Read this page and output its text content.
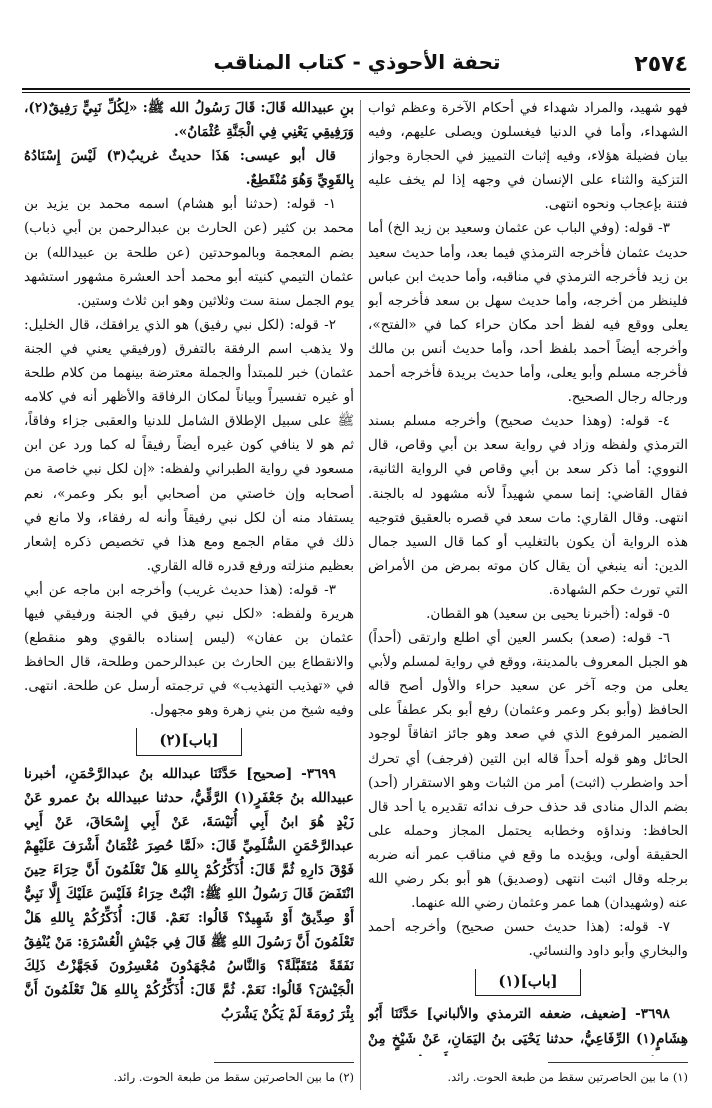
٢٥٧٤
تحفة الأحوذي - كتاب المناقب

فهو شهيد، والمراد شهداء في أحكام الآخرة وعظم ثواب الشهداء، وأما في الدنيا فيغسلون ويصلى عليهم، وفيه بيان فضيلة هؤلاء، وفيه إثبات التمييز في الحجارة وجواز التزكية والثناء على الإنسان في وجهه إذا لم يخف عليه فتنة بإعجاب ونحوه انتهى.

٣- قوله: (وفي الباب عن عثمان وسعيد بن زيد الخ) أما حديث عثمان فأخرجه الترمذي فيما بعد، وأما حديث سعيد بن زيد فأخرجه الترمذي في مناقبه، وأما حديث ابن عباس فلينظر من أخرجه، وأما حديث سهل بن سعد فأخرجه أبو يعلى ووقع فيه لفظ أحد مكان حراء كما في «الفتح»، وأخرجه أيضاً أحمد بلفظ أحد، وأما حديث أنس بن مالك فأخرجه مسلم وأبو يعلى، وأما حديث بريدة فأخرجه أحمد ورجاله رجال الصحيح.

٤- قوله: (وهذا حديث صحيح) وأخرجه مسلم بسند الترمذي ولفظه وزاد في رواية سعد بن أبي وقاص، قال النووي: أما ذكر سعد بن أبي وقاص في الرواية الثانية، فقال القاضي: إنما سمي شهيداً لأنه مشهود له بالجنة. انتهى. وقال القاري: مات سعد في قصره بالعقيق فتوجيه هذه الرواية أن يكون بالتغليب أو كما قال السيد جمال الدين: أنه ينبغي أن يقال كان موته بمرض من الأمراض التي تورث حكم الشهادة.

٥- قوله: (أخبرنا يحيى بن سعيد) هو القطان.

٦- قوله: (صعد) بكسر العين أي اطلع وارتقى (أحداً) هو الجبل المعروف بالمدينة، ووقع في رواية لمسلم ولأبي يعلى من وجه آخر عن سعيد حراء والأول أصح قاله الحافظ (وأبو بكر وعمر وعثمان) رفع أبو بكر عطفاً على الضمير المرفوع الذي في صعد وهو جائز اتفاقاً لوجود الحائل وهو قوله أحداً قاله ابن التين (فرجف) أي تحرك أحد واضطرب (اثبت) أمر من الثبات وهو الاستقرار (أحد) بضم الدال منادى قد حذف حرف ندائه تقديره يا أحد قال الحافظ: ونداؤه وخطابه يحتمل المجاز وحمله على الحقيقة أولى، ويؤيده ما وقع في مناقب عمر أنه ضربه برجله وقال اثبت انتهى (وصديق) هو أبو بكر رضي الله عنه (وشهيدان) هما عمر وعثمان رضي الله عنهما.

٧- قوله: (هذا حديث حسن صحيح) وأخرجه أحمد والبخاري وأبو داود والنسائي.

[باب](١)

٣٦٩٨- [ضعيف، ضعفه الترمذي والألباني] حَدَّثَنَا أَبُو هِشَامٍ(١) الرِّفَاعِيُّ، حدثنا يَحْيَى بنُ اليَمَانِ، عَنْ شَيْخٍ مِنْ

بنِ عبيدالله قَالَ: قَالَ رَسُولُ الله ﷺ: «لِكُلِّ نَبِيٍّ رَفِيقٌ(٢)، وَرَفِيقِي يَعْنِي فِي الْجَنَّةِ عُثْمَانُ».

قال أبو عيسى: هَذَا حديثٌ غريبٌ(٣) لَيْسَ إِسْنَادُهُ بِالقَوِيِّ وَهُوَ مُنْقَطِعٌ.

١- قوله: (حدثنا أبو هشام) اسمه محمد بن يزيد بن محمد بن كثير (عن الحارث بن عبدالرحمن بن أبي ذباب) بضم المعجمة وبالموحدتين (عن طلحة بن عبيدالله) بن عثمان التيمي كنيته أبو محمد أحد العشرة مشهور استشهد يوم الجمل سنة ست وثلاثين وهو ابن ثلاث وستين.

٢- قوله: (لكل نبي رفيق) هو الذي يرافقك، قال الخليل: ولا يذهب اسم الرفقة بالتفرق (ورفيقي يعني في الجنة عثمان) خبر للمبتدأ والجملة معترضة بينهما من كلام طلحة أو غيره تفسيراً وبياناً لمكان الرفاقة والأظهر أنه في كلامه ﷺ على سبيل الإطلاق الشامل للدنيا والعقبى جزاء وفاقاً، ثم هو لا ينافي كون غيره أيضاً رفيقاً له كما ورد عن ابن مسعود في رواية الطبراني ولفظه: «إن لكل نبي خاصة من أصحابه وإن خاصتي من أصحابي أبو بكر وعمر»، نعم يستفاد منه أن لكل نبي رفيقاً وأنه له رفقاء، ولا مانع في ذلك في مقام الجمع ومع هذا في تخصيص ذكره إشعار بعظيم منزلته ورفع قدره قاله القاري.

٣- قوله: (هذا حديث غريب) وأخرجه ابن ماجه عن أبي هريرة ولفظه: «لكل نبي رفيق في الجنة ورفيقي فيها عثمان بن عفان» (ليس إسناده بالقوي وهو منقطع) والانقطاع بين الحارث بن عبدالرحمن وطلحة، قال الحافظ في «تهذيب التهذيب» في ترجمته أرسل عن طلحة. انتهى. وفيه شيخ من بني زهرة وهو مجهول.

[باب](٢)

٣٦٩٩- [صحيح] حَدَّثَنَا عبدالله بنُ عبدالرَّحْمَنِ، أخبرنا عبيدالله بنُ جَعْفَرٍ(١) الرَّقِّيُّ، حدثنا عبيدالله بنُ عمرو عَنْ زَيْدٍ هُوَ ابنُ أَبِي أُنَيْسَةَ، عَنْ أَبِي إِسْحَاقَ، عَنْ أَبِي عبدالرَّحْمَنِ السُّلَمِيِّ قَالَ: «لَمَّا حُصِرَ عُثْمَانُ أَشْرَفَ عَلَيْهِمْ فَوْقَ دَارِهِ ثُمَّ قَالَ: أُذَكِّرُكُمْ بِاللهِ هَلْ تَعْلَمُونَ أَنَّ حِرَاءَ حِينَ انْتَفَضَ قَالَ رَسُولُ اللهِ ﷺ: اثْبُتْ حِرَاءُ فَلَيْسَ عَلَيْكَ إِلَّا نَبِيٌّ أَوْ صِدِّيقٌ أَوْ شَهِيدٌ؟ قَالُوا: نَعَمْ. قَالَ: أُذَكِّرُكُمْ بِاللهِ هَلْ تَعْلَمُونَ أَنَّ رَسُولَ اللهِ ﷺ قَالَ فِي جَيْشِ الْعُسْرَةِ: مَنْ يُنْفِقُ نَفَقَةً مُتَقَبَّلَةً؟ وَالنَّاسُ مُجْهَدُونَ مُعْسِرُونَ فَجَهَّزْتُ ذَلِكَ الْجَيْشَ؟ قَالُوا: نَعَمْ. ثُمَّ قَالَ: أُذَكِّرُكُمْ بِاللهِ هَلْ تَعْلَمُونَ أَنَّ بِئْرَ رُومَةَ لَمْ يَكُنْ يَشْرَبُ

(١) ما بين الحاصرتين سقط من طبعة الحوت. رائد.
(٢) ما بين الحاصرتين سقط من طبعة الحوت. رائد.
